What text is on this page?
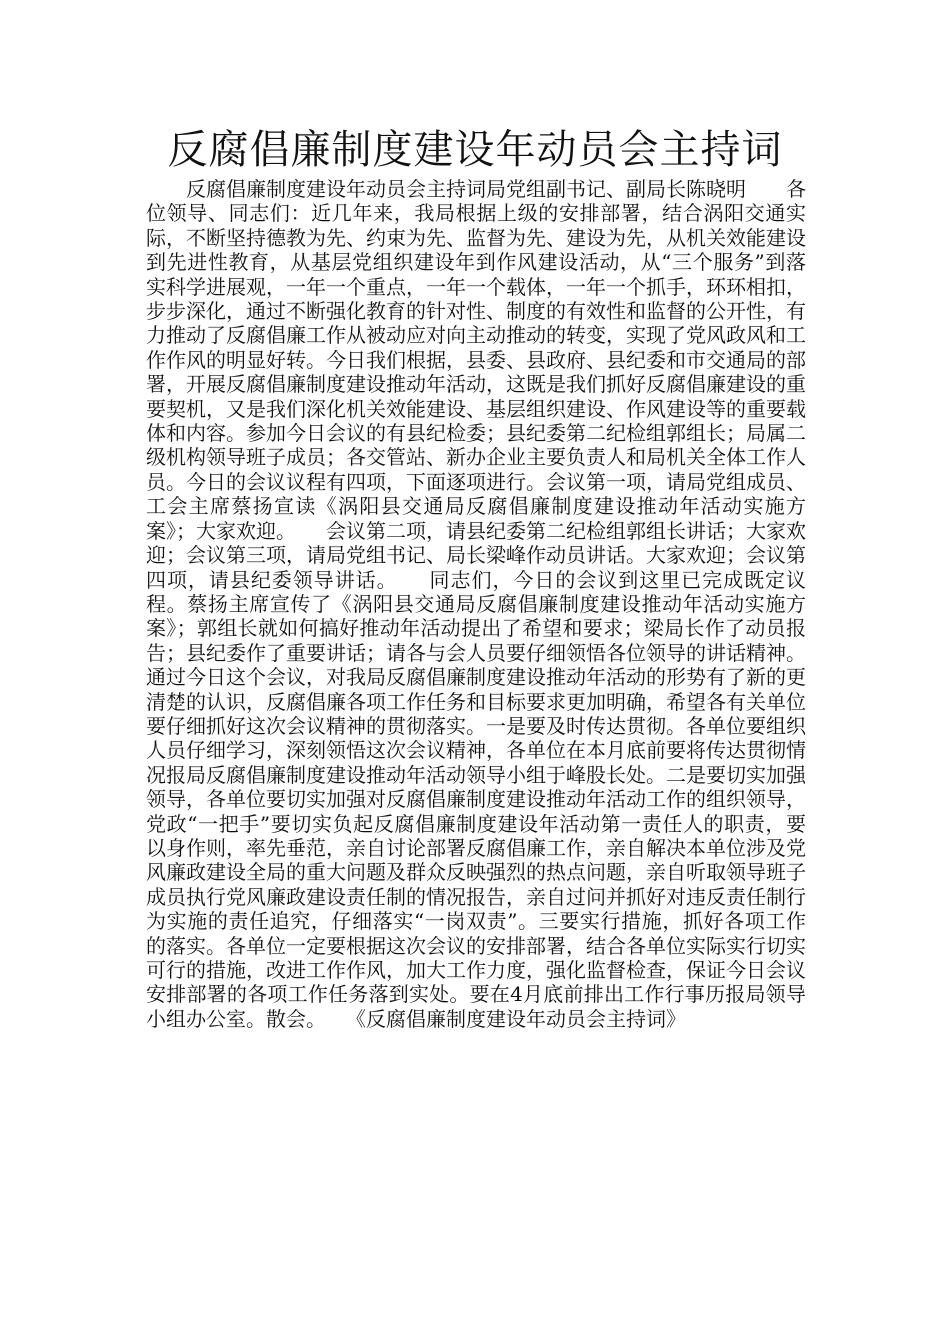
反腐倡廉制度建设年动员会主持词

反腐倡廉制度建设年动员会主持词局党组副书记、副局长陈晓明　　各位领导、同志们：近几年来，我局根据上级的安排部署，结合涡阳交通实际，不断坚持德教为先、约束为先、监督为先、建设为先，从机关效能建设到先进性教育，从基层党组织建设年到作风建设活动，从“三个服务”到落实科学进展观，一年一个重点，一年一个载体，一年一个抓手，环环相扣，步步深化，通过不断强化教育的针对性、制度的有效性和监督的公开性，有力推动了反腐倡廉工作从被动应对向主动推动的转变，实现了党风政风和工作作风的明显好转。今日我们根据，县委、县政府、县纪委和市交通局的部署，开展反腐倡廉制度建设推动年活动，这既是我们抓好反腐倡廉建设的重要契机，又是我们深化机关效能建设、基层组织建设、作风建设等的重要载体和内容。参加今日会议的有县纪检委；县纪委第二纪检组郭组长；局属二级机构领导班子成员；各交管站、新办企业主要负责人和局机关全体工作人员。今日的会议议程有四项，下面逐项进行。会议第一项，请局党组成员、工会主席蔡扬宣读《涡阳县交通局反腐倡廉制度建设推动年活动实施方案》；大家欢迎。　　会议第二项，请县纪委第二纪检组郭组长讲话；大家欢迎；会议第三项，请局党组书记、局长梁峰作动员讲话。大家欢迎；会议第四项，请县纪委领导讲话。　　同志们，今日的会议到这里已完成既定议程。蔡扬主席宣传了《涡阳县交通局反腐倡廉制度建设推动年活动实施方案》；郭组长就如何搞好推动年活动提出了希望和要求；梁局长作了动员报告；县纪委作了重要讲话；请各与会人员要仔细领悟各位领导的讲话精神。通过今日这个会议，对我局反腐倡廉制度建设推动年活动的形势有了新的更清楚的认识，反腐倡廉各项工作任务和目标要求更加明确，希望各有关单位要仔细抓好这次会议精神的贯彻落实。一是要及时传达贯彻。各单位要组织人员仔细学习，深刻领悟这次会议精神，各单位在本月底前要将传达贯彻情况报局反腐倡廉制度建设推动年活动领导小组于峰股长处。二是要切实加强领导，各单位要切实加强对反腐倡廉制度建设推动年活动工作的组织领导，党政“一把手”要切实负起反腐倡廉制度建设年活动第一责任人的职责，要以身作则，率先垂范，亲自讨论部署反腐倡廉工作，亲自解决本单位涉及党风廉政建设全局的重大问题及群众反映强烈的热点问题，亲自听取领导班子成员执行党风廉政建设责任制的情况报告，亲自过问并抓好对违反责任制行为实施的责任追究，仔细落实“一岗双责”。三要实行措施，抓好各项工作的落实。各单位一定要根据这次会议的安排部署，结合各单位实际实行切实可行的措施，改进工作作风，加大工作力度，强化监督检查，保证今日会议安排部署的各项工作任务落到实处。要在4月底前排出工作行事历报局领导小组办公室。散会。　　《反腐倡廉制度建设年动员会主持词》
